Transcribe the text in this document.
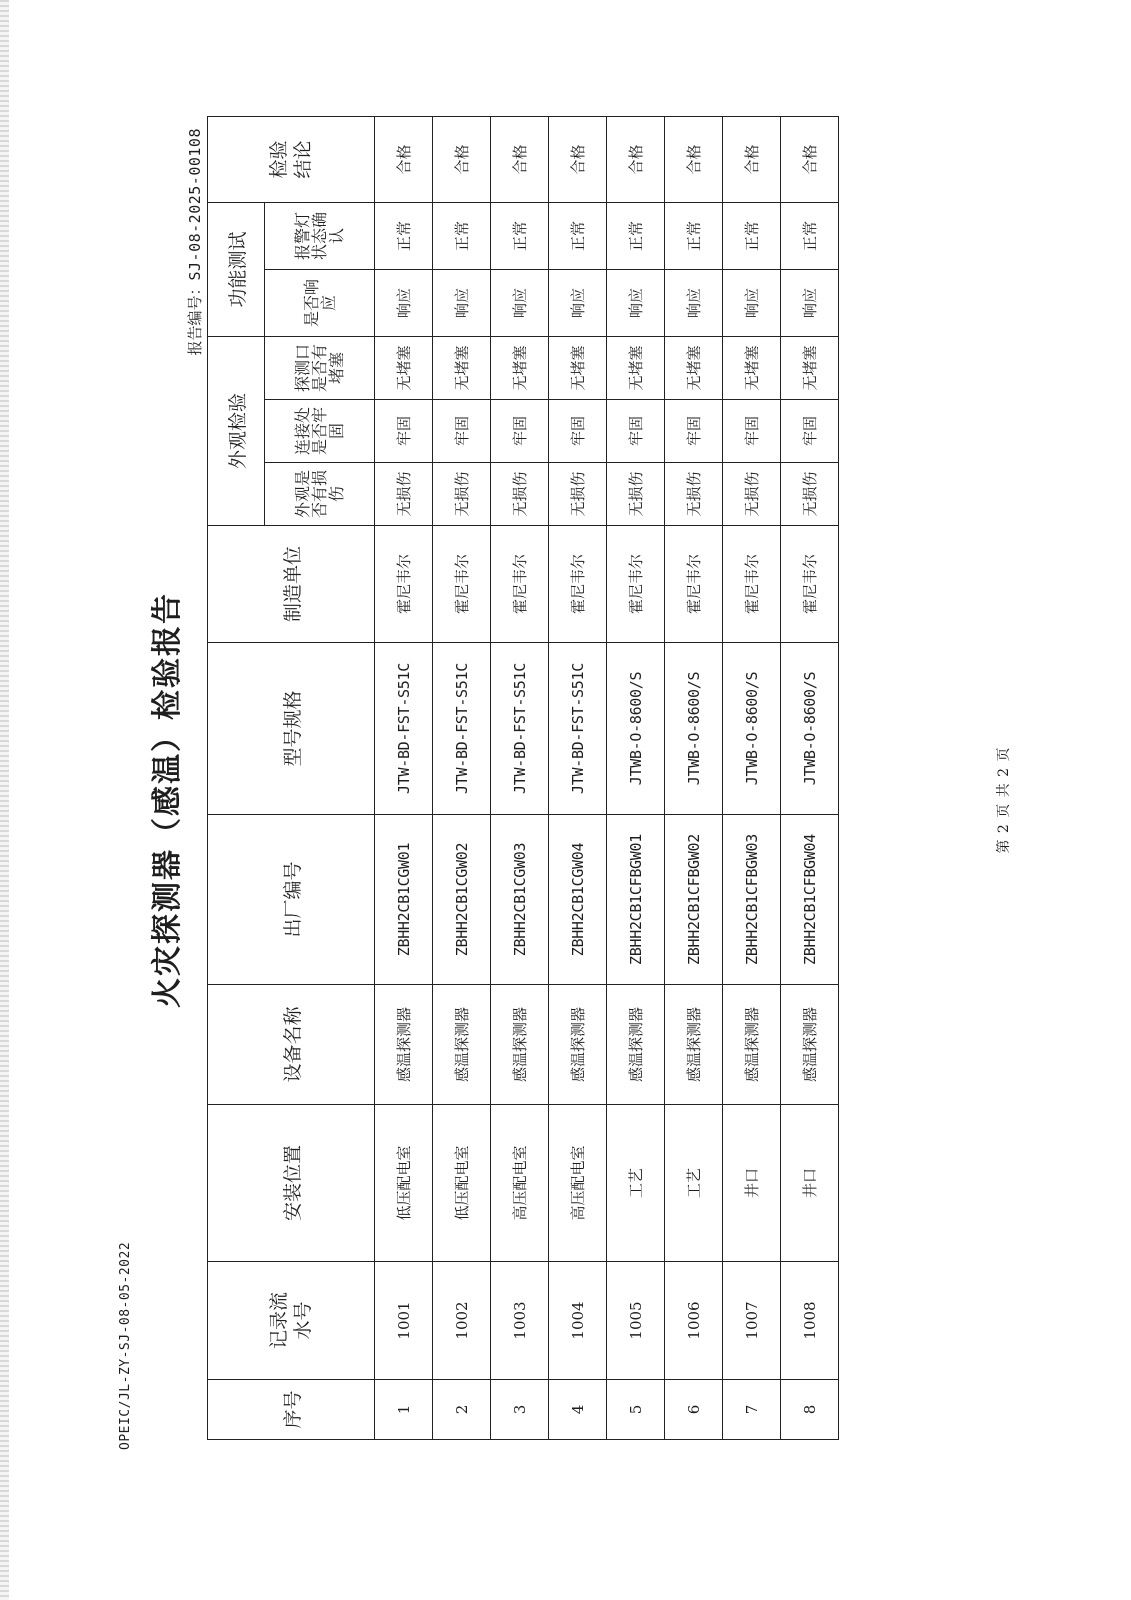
OPEIC/JL-ZY-SJ-08-05-2022
火灾探测器（感温）检验报告
报告编号：SJ-08-2025-00108
序号	记录流水号	安装位置	设备名称	出厂编号	型号规格	制造单位	外观检验			功能测试		检验结论
							外观是否有损伤	连接处是否牢固	探测口是否有堵塞	是否响应	报警灯状态确认	
1	1001	低压配电室	感温探测器	ZBHH2CB1CGW01	JTW-BD-FST-S51C	霍尼韦尔	无损伤	牢固	无堵塞	响应	正常	合格
2	1002	低压配电室	感温探测器	ZBHH2CB1CGW02	JTW-BD-FST-S51C	霍尼韦尔	无损伤	牢固	无堵塞	响应	正常	合格
3	1003	高压配电室	感温探测器	ZBHH2CB1CGW03	JTW-BD-FST-S51C	霍尼韦尔	无损伤	牢固	无堵塞	响应	正常	合格
4	1004	高压配电室	感温探测器	ZBHH2CB1CGW04	JTW-BD-FST-S51C	霍尼韦尔	无损伤	牢固	无堵塞	响应	正常	合格
5	1005	工艺	感温探测器	ZBHH2CB1CFBGW01	JTWB-O-8600/S	霍尼韦尔	无损伤	牢固	无堵塞	响应	正常	合格
6	1006	工艺	感温探测器	ZBHH2CB1CFBGW02	JTWB-O-8600/S	霍尼韦尔	无损伤	牢固	无堵塞	响应	正常	合格
7	1007	井口	感温探测器	ZBHH2CB1CFBGW03	JTWB-O-8600/S	霍尼韦尔	无损伤	牢固	无堵塞	响应	正常	合格
8	1008	井口	感温探测器	ZBHH2CB1CFBGW04	JTWB-O-8600/S	霍尼韦尔	无损伤	牢固	无堵塞	响应	正常	合格
第 2 页 共 2 页
